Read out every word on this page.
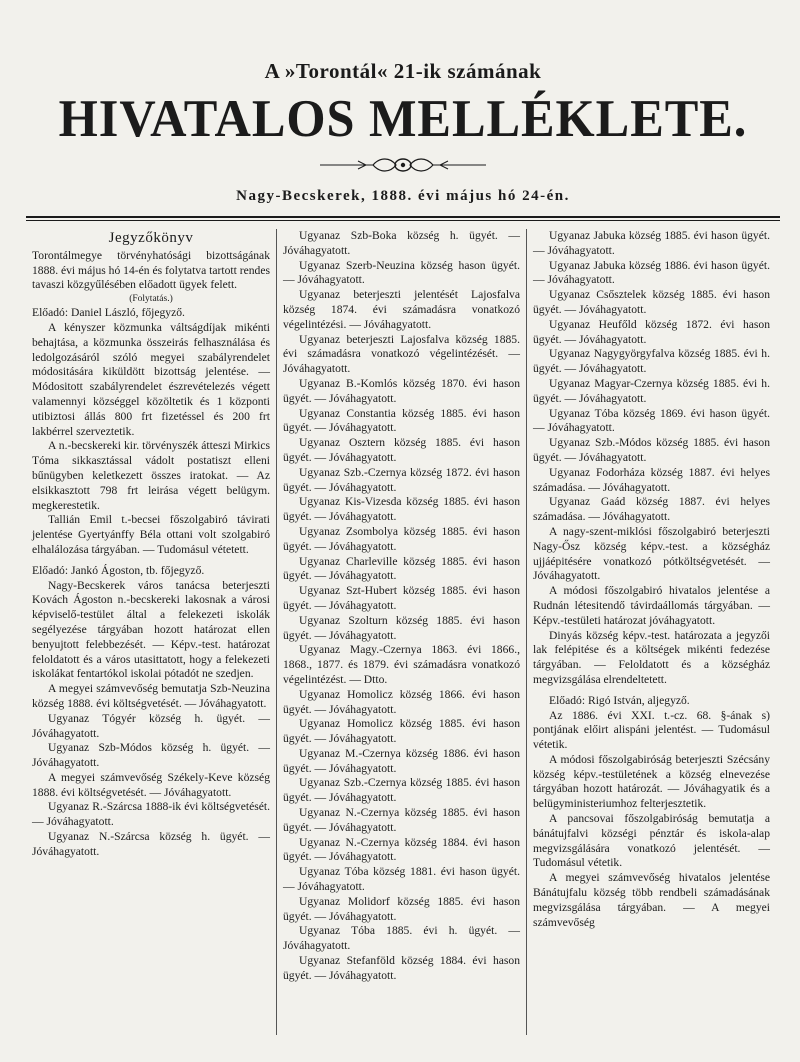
A »Torontál« 21-ik számának
HIVATALOS MELLÉKLETE.
Nagy-Becskerek, 1888. évi május hó 24-én.
Jegyzőkönyv

Torontálmegye törvényhatósági bizottságának 1888. évi május hó 14-én és folytatva tartott rendes tavaszi közgyűlésében előadott ügyek felett.

(Folytatás.)

Előadó: Daniel László, főjegyző.

A kényszer közmunka váltságdíjak mikénti behajtása, a közmunka összeirás felhasználása és ledolgozásáról szóló megyei szabályrendelet módositására kiküldött bizottság jelentése. — Módositott szabályrendelet észrevételezés végett valamennyi községgel közöltetik és 1 központi utibiztosi állás 800 frt fizetéssel és 200 frt lakbérrel szerveztetik.

A n.-becskereki kir. törvényszék átteszi Mirkics Tóma sikkasztással vádolt postatiszt elleni bűnügyben keletkezett összes iratokat. — Az elsikkasztott 798 frt leirása végett belügym. megkerestetik.

Tallián Emil t.-becsei főszolgabiró távirati jelentése Gyertyánffy Béla ottani volt szolgabiró elhalálozása tárgyában. — Tudomásul vétetett.

Előadó: Jankó Ágoston, tb. főjegyző.

Nagy-Becskerek város tanácsa beterjeszti Kovách Ágoston n.-becskereki lakosnak a városi képviselő-testület által a felekezeti iskolák segélyezése tárgyában hozott határozat ellen benyujtott felebbezését. — Képv.-test. határozat feloldatott és a város utasittatott, hogy a felekezeti iskolákat fentartókol iskolai pótadót ne szedjen.

A megyei számvevőség bemutatja Szb-Neuzina község 1888. évi költségvetését. — Jóváhagyatott.

Ugyanaz Tógyér község h. ügyét. — Jóváhagyatott.

Ugyanaz Szb-Módos község h. ügyét. — Jóváhagyatott.

A megyei számvevőség Székely-Keve község 1888. évi költségvetését. — Jóváhagyatott.

Ugyanaz R.-Szárcsa 1888-ik évi költségvetését. — Jóváhagyatott.

Ugyanaz N.-Szárcsa község h. ügyét. — Jóváhagyatott.

Ugyanaz Szb-Boka község h. ügyét. — Jóváhagyatott.

Ugyanaz Szerb-Neuzina község hason ügyét. — Jóváhagyatott.

Ugyanaz beterjeszti jelentését Lajosfalva község 1874. évi számadásra vonatkozó végelintézési. — Jóváhagyatott.

Ugyanaz beterjeszti Lajosfalva község 1885. évi számadásra vonatkozó végelintézését. — Jóváhagyatott.

Ugyanaz B.-Komlós község 1870. évi hason ügyét. — Jóváhagyatott.

Ugyanaz Constantia község 1885. évi hason ügyét. — Jóváhagyatott.

Ugyanaz Osztern község 1885. évi hason ügyét. — Jóváhagyatott.

Ugyanaz Szb.-Czernya község 1872. évi hason ügyét. — Jóváhagyatott.

Ugyanaz Kis-Vizesda község 1885. évi hason ügyét. — Jóváhagyatott.

Ugyanaz Zsombolya község 1885. évi hason ügyét. — Jóváhagyatott.

Ugyanaz Charleville község 1885. évi hason ügyét. — Jóváhagyatott.

Ugyanaz Szt-Hubert község 1885. évi hason ügyét. — Jóváhagyatott.

Ugyanaz Szolturn község 1885. évi hason ügyét. — Jóváhagyatott.

Ugyanaz Magy.-Czernya 1863. évi 1866., 1868., 1877. és 1879. évi számadásra vonatkozó végelintézést. — Dtto.

Ugyanaz Homolicz község 1866. évi hason ügyét. — Jóváhagyatott.

Ugyanaz Homolicz község 1885. évi hason ügyét. — Jóváhagyatott.

Ugyanaz M.-Czernya község 1886. évi hason ügyét. — Jóváhagyatott.

Ugyanaz Szb.-Czernya község 1885. évi hason ügyét. — Jóváhagyatott.

Ugyanaz N.-Czernya község 1885. évi hason ügyét. — Jóváhagyatott.

Ugyanaz N.-Czernya község 1884. évi hason ügyét. — Jóváhagyatott.

Ugyanaz Tóba község 1881. évi hason ügyét. — Jóváhagyatott.

Ugyanaz Molidorf község 1885. évi hason ügyét. — Jóváhagyatott.

Ugyanaz Tóba 1885. évi h. ügyét. — Jóváhagyatott.

Ugyanaz Stefanföld község 1884. évi hason ügyét. — Jóváhagyatott.

Ugyanaz Jabuka község 1885. évi hason ügyét. — Jóváhagyatott.

Ugyanaz Jabuka község 1886. évi hason ügyét. — Jóváhagyatott.

Ugyanaz Csősztelek község 1885. évi hason ügyét. — Jóváhagyatott.

Ugyanaz Heufőld község 1872. évi hason ügyét. — Jóváhagyatott.

Ugyanaz Nagygyörgyfalva község 1885. évi h. ügyét. — Jóváhagyatott.

Ugyanaz Magyar-Czernya község 1885. évi h. ügyét. — Jóváhagyatott.

Ugyanaz Tóba község 1869. évi hason ügyét. — Jóváhagyatott.

Ugyanaz Szb.-Módos község 1885. évi hason ügyét. — Jóváhagyatott.

Ugyanaz Fodorháza község 1887. évi helyes számadása. — Jóváhagyatott.

Ugyanaz Gaád község 1887. évi helyes számadása. — Jóváhagyatott.

A nagy-szent-miklósi főszolgabiró beterjeszti Nagy-Ősz község képv.-test. a községház ujjáépitésére vonatkozó pótköltségvetését. — Jóváhagyatott.

A módosi főszolgabiró hivatalos jelentése a Rudnán létesitendő távirdaállomás tárgyában. — Képv.-testületi határozat jóváhagyatott.

Dinyás község képv.-test. határozata a jegyzői lak felépitése és a költségek mikénti fedezése tárgyában. — Feloldatott és a községház megvizsgálása elrendeltetett.

Előadó: Rigó István, aljegyző.

Az 1886. évi XXI. t.-cz. 68. §-ának s) pontjának előirt alispáni jelentést. — Tudomásul vétetik.

A módosi főszolgabiróság beterjeszti Szécsány község képv.-testületének a község elnevezése tárgyában hozott határozát. — Jóváhagyatik és a belügyministeriumhoz felterjesztetik.

A pancsovai főszolgabiróság bemutatja a bánátujfalvi községi pénztár és iskola-alap megvizsgálására vonatkozó jelentését. — Tudomásul vétetik.

A megyei számvevőség hivatalos jelentése Bánátujfalu község több rendbeli számadásának megvizsgálása tárgyában. — A megyei számvevőség
